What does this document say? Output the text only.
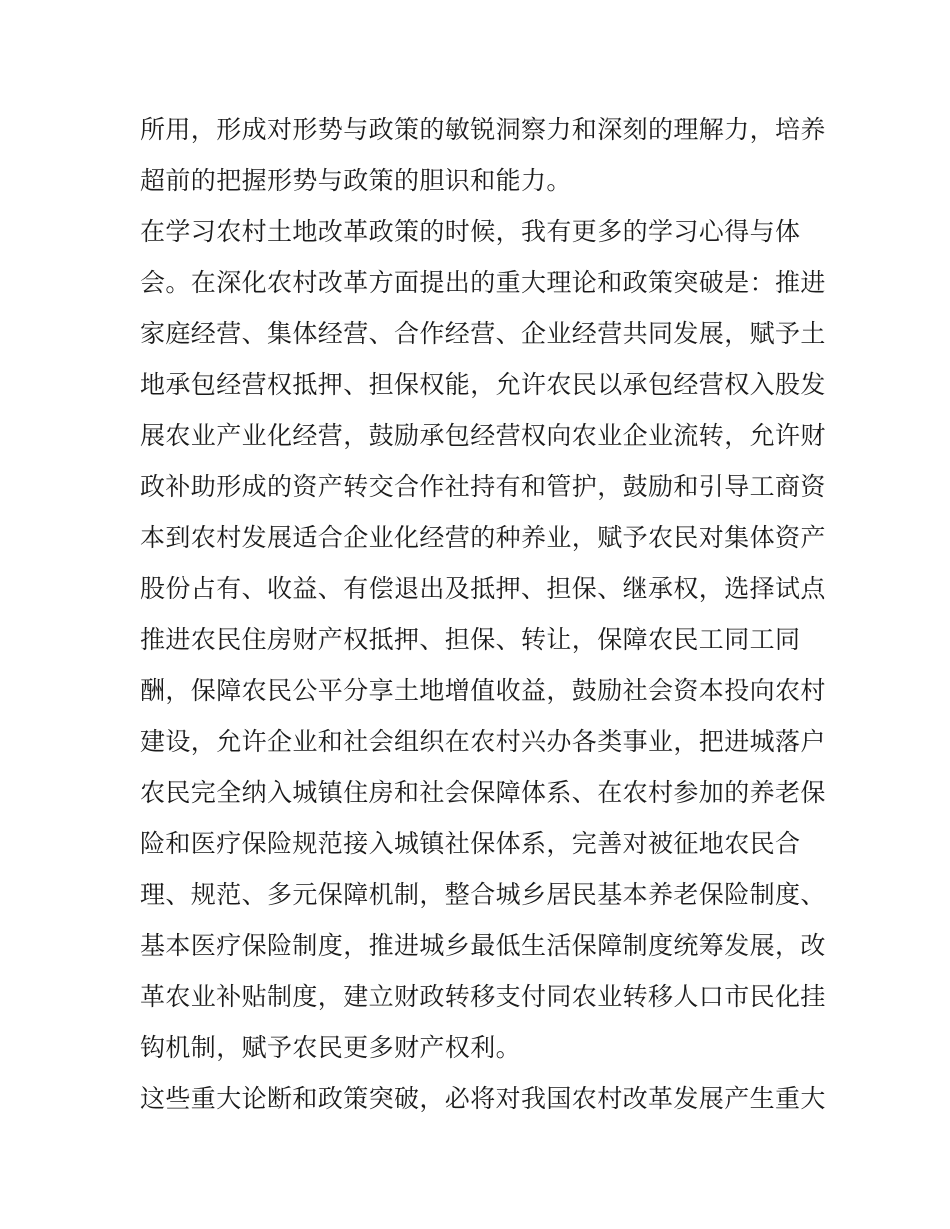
所用，形成对形势与政策的敏锐洞察力和深刻的理解力，培养
超前的把握形势与政策的胆识和能力。
在学习农村土地改革政策的时候，我有更多的学习心得与体
会。在深化农村改革方面提出的重大理论和政策突破是：推进
家庭经营、集体经营、合作经营、企业经营共同发展，赋予土
地承包经营权抵押、担保权能，允许农民以承包经营权入股发
展农业产业化经营，鼓励承包经营权向农业企业流转，允许财
政补助形成的资产转交合作社持有和管护，鼓励和引导工商资
本到农村发展适合企业化经营的种养业，赋予农民对集体资产
股份占有、收益、有偿退出及抵押、担保、继承权，选择试点
推进农民住房财产权抵押、担保、转让，保障农民工同工同
酬，保障农民公平分享土地增值收益，鼓励社会资本投向农村
建设，允许企业和社会组织在农村兴办各类事业，把进城落户
农民完全纳入城镇住房和社会保障体系、在农村参加的养老保
险和医疗保险规范接入城镇社保体系，完善对被征地农民合
理、规范、多元保障机制，整合城乡居民基本养老保险制度、
基本医疗保险制度，推进城乡最低生活保障制度统筹发展，改
革农业补贴制度，建立财政转移支付同农业转移人口市民化挂
钩机制，赋予农民更多财产权利。
这些重大论断和政策突破，必将对我国农村改革发展产生重大
